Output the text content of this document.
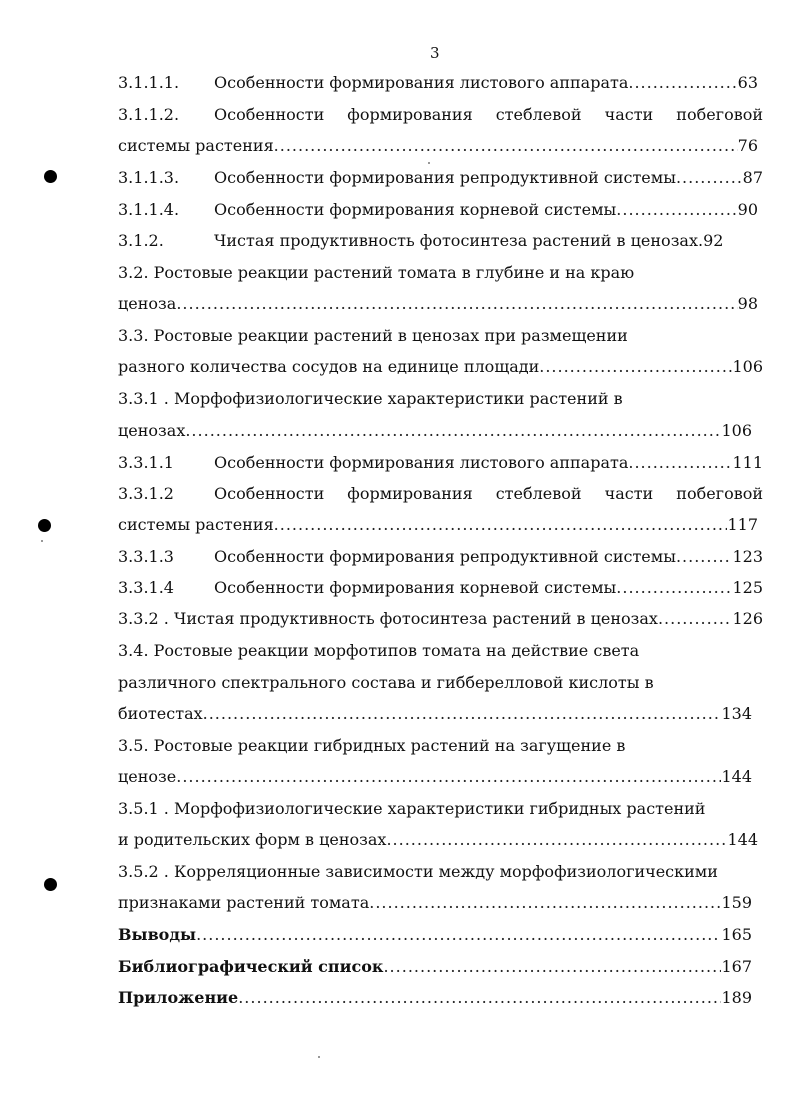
3
3.1.1.1.	Особенности формирования листового аппарата .....	63
3.1.1.2.	Особенности формирования стеблевой части побеговой
системы растения .....	76
3.1.1.3.	Особенности формирования репродуктивной системы .....	87
3.1.1.4.	Особенности формирования корневой системы .....	90
3.1.2.	Чистая продуктивность фотосинтеза растений в ценозах. 92
3.2. Ростовые реакции растений томата в глубине и на краю
ценоза .....	98
3.3. Ростовые реакции растений в ценозах при размещении
разного количества сосудов на единице площади .....	106
3.3.1 . Морфофизиологические характеристики растений в
ценозах .....	106
3.3.1.1	Особенности формирования листового аппарата .....	111
3.3.1.2	Особенности формирования стеблевой части побеговой
системы растения .....	117
3.3.1.3	Особенности формирования репродуктивной системы .....	123
3.3.1.4	Особенности формирования корневой системы .....	125
3.3.2 . Чистая продуктивность фотосинтеза растений в ценозах .....	126
3.4. Ростовые реакции морфотипов томата на действие света
различного спектрального состава и гиббереллoвой кислоты в
биотестах .....	134
3.5. Ростовые реакции гибридных растений на загущение в
ценозе .....	144
3.5.1 . Морфофизиологические характеристики гибридных растений
и родительских форм в ценозах .....	144
3.5.2 . Корреляционные зависимости между морфофизиологическими
признаками растений томата .....	159
Выводы .....	165
Библиографический список .....	167
Приложение .....	189
